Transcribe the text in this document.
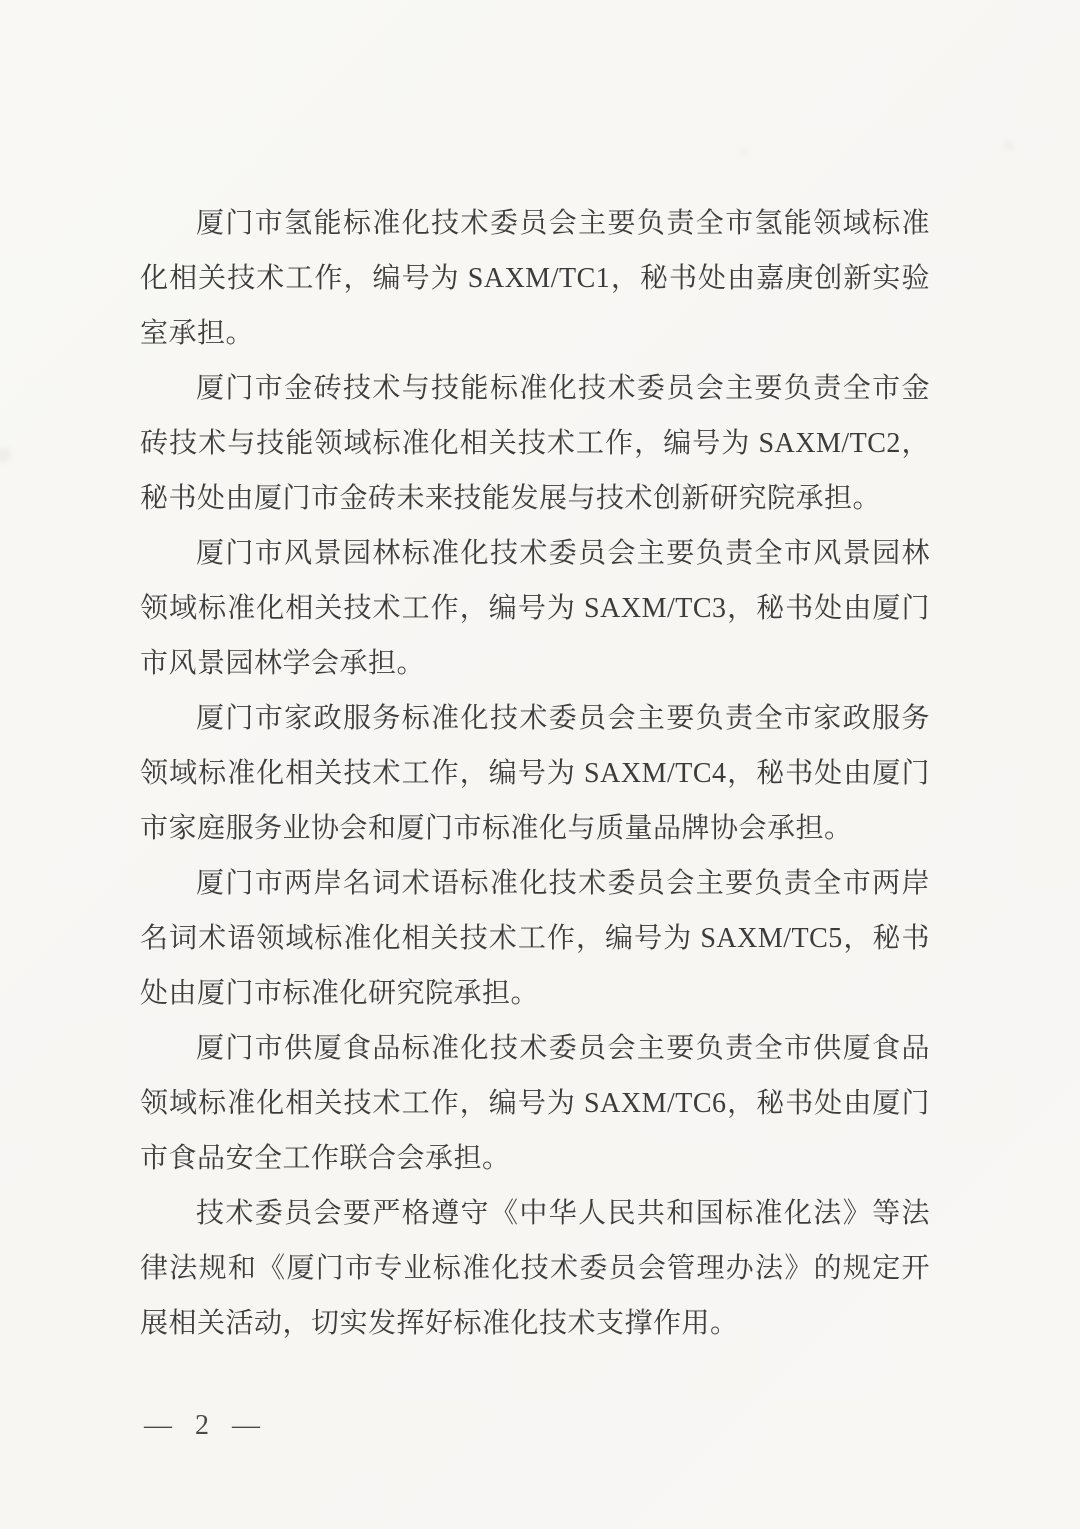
厦门市氢能标准化技术委员会主要负责全市氢能领域标准
化相关技术工作，编号为 SAXM/TC1，秘书处由嘉庚创新实验
室承担。

厦门市金砖技术与技能标准化技术委员会主要负责全市金
砖技术与技能领域标准化相关技术工作，编号为 SAXM/TC2，
秘书处由厦门市金砖未来技能发展与技术创新研究院承担。

厦门市风景园林标准化技术委员会主要负责全市风景园林
领域标准化相关技术工作，编号为 SAXM/TC3，秘书处由厦门
市风景园林学会承担。

厦门市家政服务标准化技术委员会主要负责全市家政服务
领域标准化相关技术工作，编号为 SAXM/TC4，秘书处由厦门
市家庭服务业协会和厦门市标准化与质量品牌协会承担。

厦门市两岸名词术语标准化技术委员会主要负责全市两岸
名词术语领域标准化相关技术工作，编号为 SAXM/TC5，秘书
处由厦门市标准化研究院承担。

厦门市供厦食品标准化技术委员会主要负责全市供厦食品
领域标准化相关技术工作，编号为 SAXM/TC6，秘书处由厦门
市食品安全工作联合会承担。

技术委员会要严格遵守《中华人民共和国标准化法》等法
律法规和《厦门市专业标准化技术委员会管理办法》的规定开
展相关活动，切实发挥好标准化技术支撑作用。

— 2 —
